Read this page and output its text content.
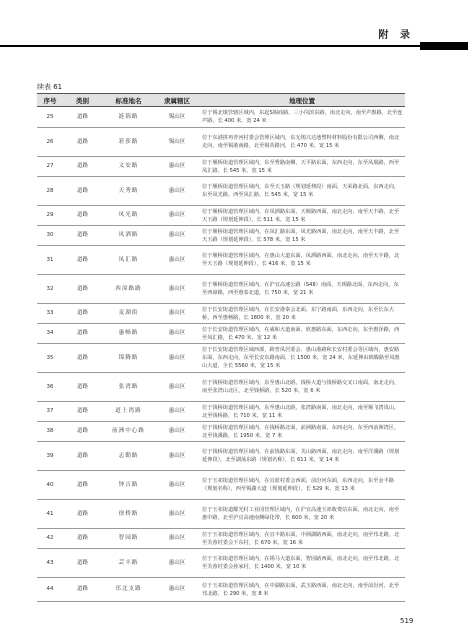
附 录
续表 61
序号	类别	标准地名	隶属辖区	地理位置
25	道路	涟锦路	锡山区	位于锡北镇管辖区域内，东起S锡商路，三小岗滨东路，南北走向，南至声惠路，北至连声路，长 400 米，宽 24 米
26	道路	箬莎路	锡山区	位于东港拼再青河村委会管理区域内，东无锡兴达池塑料材料股份有限公司西侧，南北走向，南至锡港南路，北至锡英路河，长 470 米，宽 15 米
27	道路	义安路	惠山区	位于堰桥街道管理区域内，东至秀路南侧，天平路东面，东西走向，东至凤凰路，西至凤汇路，长 545 米，宽 15 米
28	道路	天秀路	惠山区	位于堰桥街道管理区域内，东至天玉路（规划延伸段）南面，天荣路北面，东西走向，东至凤光路，西至凤汇路，长 545 米，宽 15 米
29	道路	凤光路	惠山区	位于堰桥街道管理区域内，在凤洒路东面，天堰路西面，南北走向，南至天丰路，北至天玉路（规划延伸段），长 511 米，宽 15 米
30	道路	凤洒路	惠山区	位于堰桥街道管理区域内，在凤汇路东面，凤光路西面，南北走向，南至天丰路，北至天玉路（规划延伸段），长 578 米，宽 15 米
31	道路	凤汇路	惠山区	位于堰桥街道管理区域内，在惠山大道东面，凤洒路西面，南北走向，南至天丰路，北至天玉路（规划延伸段），长 416 米，宽 15 米
32	道路	西漳路路	惠山区	位于堰桥街道管理区域内，在沪宜高速公路（S48）南面，天锡路北面，东西走向，东至西漳路，西至惠泰北道，长 750 米，宽 21 米
33	道路	麦湖街	惠山区	位于长安街道管理区域内，在长安港秦会北面，东宁路南面，东西走向，东至长东大桥，西至惠畅路，长 1800 米，宽 20 米
34	道路	惠畅路	惠山区	位于长安街道管理区域内，在威和大道南面，欣惠路东面，东西走向，东至惠泽路，西至凤汇路，长 470 米，宽 12 米
35	道路	锦腾路	惠山区	位于长安街道管理区域西部，跨普凤居委会、惠山港路和长安村委会等区域内，惠安路东面，东西走向，东至长安东路南面，长 1500 米，宽 24 米，东延伸由锦腾路至凤惠山大道，全长 5560 米，宽 15 米
36	道路	张湾路	惠山区	位于钱桥街道管理区域内，东至惠山北路，钱桥大道与钱桥路交叉口南面，南北走向，南至张湾山北区，北至钱桥路，长 520 米，宽 6 米
37	道路	道士湾路	惠山区	位于钱桥街道管理区域内，东至惠山北路，张湾路南面，南北走向，南至堰飞湾岚山，北至钱桥路，长 710 米，宽 11 米
38	道路	前洲中心路	惠山区	位于钱桥街道管理区域内，在钱桥路北面，前洲路南面，东西走向，东至西前洲湾区，北至钱溪路，长 1950 米，宽 7 米
39	道路	志勤路	惠山区	位于钱桥街道管理区域内，在前钱路东面，芙山路西面，南北走向，南至洋溪路（规划延伸段），北至湖荡东路（规划名称），长 611 米，宽 14 米
40	道路	钟吉路	惠山区	位于玉祁街道管理区域内，在宜蓝村委会西面，前汾河东面，东西走向，东至金丰路（规划名称），西至锡湖大道（规划延伸段），长 529 米，宽 13 米
41	道路	徐桥路	惠山区	位于玉祁街道耀光村工业园管理区域内，在沪宜高速玉祁收费站东面，南北走向，南至惠中路，北至沪宜高速南侧绿化带，长 600 米，宽 20 米
42	道路	智园路	惠山区	位于玉祁街道管理区域内，在宜丰路东面，中洲湖路西面，南北走向，南至邗北路，北至芙蓉村委会下东村，长 670 米，宽 16 米
43	道路	芸丰路	惠山区	位于玉祁街道管理区域内，在锡马大道东面，智园路西面，南北走向，南至邗北路，北至芙蓉村委会孙家村，长 1400 米，宽 10 米
44	道路	邗北支路	惠山区	位于玉祁街道管理区域内，在中湖路东面，武玉路西面，南北走向，南至前汾河，北至邗北路，长 290 米，宽 8 米
519
